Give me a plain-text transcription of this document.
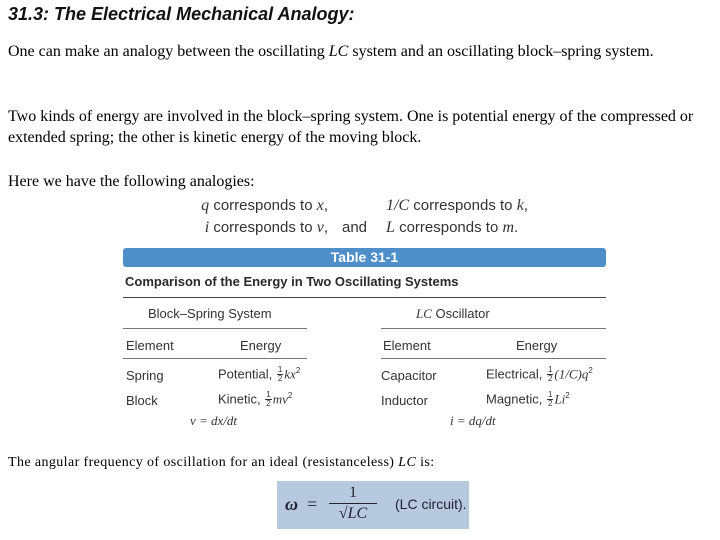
31.3: The Electrical Mechanical Analogy:
One can make an analogy between the oscillating LC system and an oscillating block–spring system.
Two kinds of energy are involved in the block–spring system. One is potential energy of the compressed or extended spring; the other is kinetic energy of the moving block.
Here we have the following analogies:
q corresponds to x,
i corresponds to v, and
1/C corresponds to k,
L corresponds to m.
Table 31-1
Comparison of the Energy in Two Oscillating Systems
Block–Spring System	LC Oscillator
Element	Energy	Element	Energy
Spring	Potential, $\frac{1}{2} kx^2$	Capacitor	Electrical, $\frac{1}{2} (1/C)q^2$
Block	Kinetic, $\frac{1}{2} mv^2$	Inductor	Magnetic, $\frac{1}{2} Li^2$
v = dx/dt	i = dq/dt
The angular frequency of oscillation for an ideal (resistanceless) LC is:
$\omega = \frac{1}{√LC} (LC$ circuit).
